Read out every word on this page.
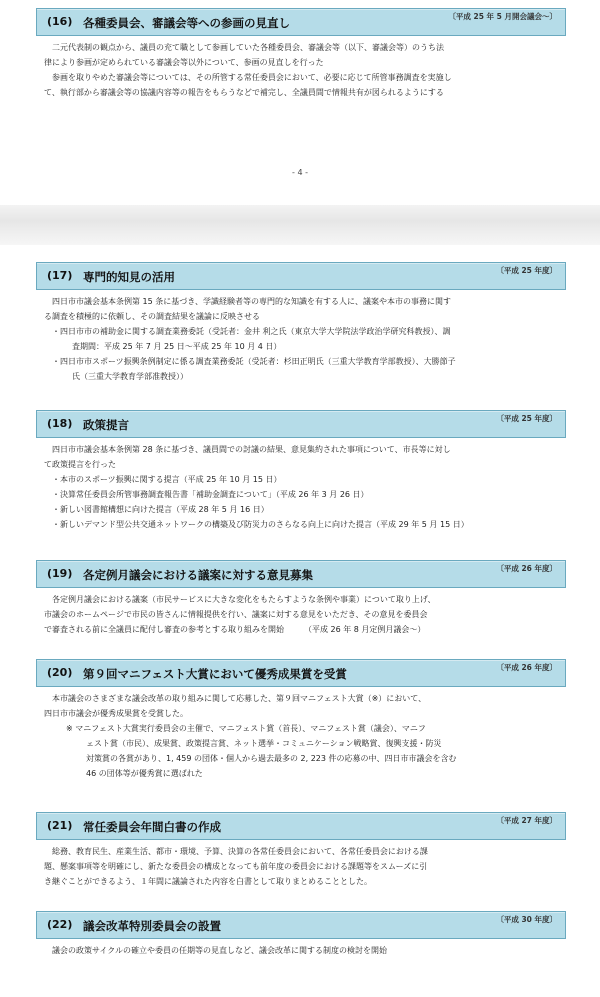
(16) 各種委員会、審議会等への参画の見直し	〔平成 25 年 5 月開会議会～〕

二元代表制の観点から、議員の充て職として参画していた各種委員会、審議会等（以下、審議会等）のうち法

律により参画が定められている審議会等以外について、参画の見直しを行った

参画を取りやめた審議会等については、その所管する常任委員会において、必要に応じて所管事務調査を実施し

て、執行部から審議会等の協議内容等の報告をもらうなどで補完し、全議員間で情報共有が図られるようにする

- 4 -
(17) 専門的知見の活用	〔平成 25 年度〕

四日市市議会基本条例第 15 条に基づき、学識経験者等の専門的な知識を有する人に、議案や本市の事務に関す

る調査を積極的に依頼し、その調査結果を議論に反映させる

・四日市市の補助金に関する調査業務委託（受託者：金井 利之氏（東京大学大学院法学政治学研究科教授）、調

査期間：平成 25 年 7 月 25 日～平成 25 年 10 月 4 日）

・四日市市スポーツ振興条例制定に係る調査業務委託（受託者：杉田正明氏（三重大学教育学部教授）、大勝節子

氏（三重大学教育学部准教授））

(18) 政策提言	〔平成 25 年度〕

四日市市議会基本条例第 28 条に基づき、議員間での討議の結果、意見集約された事項について、市長等に対し

て政策提言を行った

・本市のスポーツ振興に関する提言（平成 25 年 10 月 15 日）

・決算常任委員会所管事務調査報告書「補助金調査について」（平成 26 年 3 月 26 日）

・新しい図書館構想に向けた提言（平成 28 年 5 月 16 日）

・新しいデマンド型公共交通ネットワークの構築及び防災力のさらなる向上に向けた提言（平成 29 年 5 月 15 日）

(19) 各定例月議会における議案に対する意見募集	〔平成 26 年度〕

各定例月議会における議案（市民サービスに大きな変化をもたらすような条例や事業）について取り上げ、

市議会のホームページで市民の皆さんに情報提供を行い、議案に対する意見をいただき、その意見を委員会

で審査される前に全議員に配付し審査の参考とする取り組みを開始　　　（平成 26 年 8 月定例月議会～）

(20) 第９回マニフェスト大賞において優秀成果賞を受賞	〔平成 26 年度〕

本市議会のさまざまな議会改革の取り組みに関して応募した、第９回マニフェスト大賞（※）において、

四日市市議会が優秀成果賞を受賞した。

※ マニフェスト大賞実行委員会の主催で、マニフェスト賞（首長）、マニフェスト賞（議会）、マニフ

ェスト賞（市民）、成果賞、政策提言賞、ネット選挙・コミュニケーション戦略賞、復興支援・防災

対策賞の各賞があり、1, 459 の団体・個人から過去最多の 2, 223 件の応募の中、四日市市議会を含む

46 の団体等が優秀賞に選ばれた

(21) 常任委員会年間白書の作成	〔平成 27 年度〕

総務、教育民生、産業生活、都市・環境、予算、決算の各常任委員会において、各常任委員会における課

題、懸案事項等を明確にし、新たな委員会の構成となっても前年度の委員会における課題等をスムーズに引

き継ぐことができるよう、１年間に議論された内容を白書として取りまとめることとした。

(22) 議会改革特別委員会の設置	〔平成 30 年度〕

議会の政策サイクルの確立や委員の任期等の見直しなど、議会改革に関する制度の検討を開始
